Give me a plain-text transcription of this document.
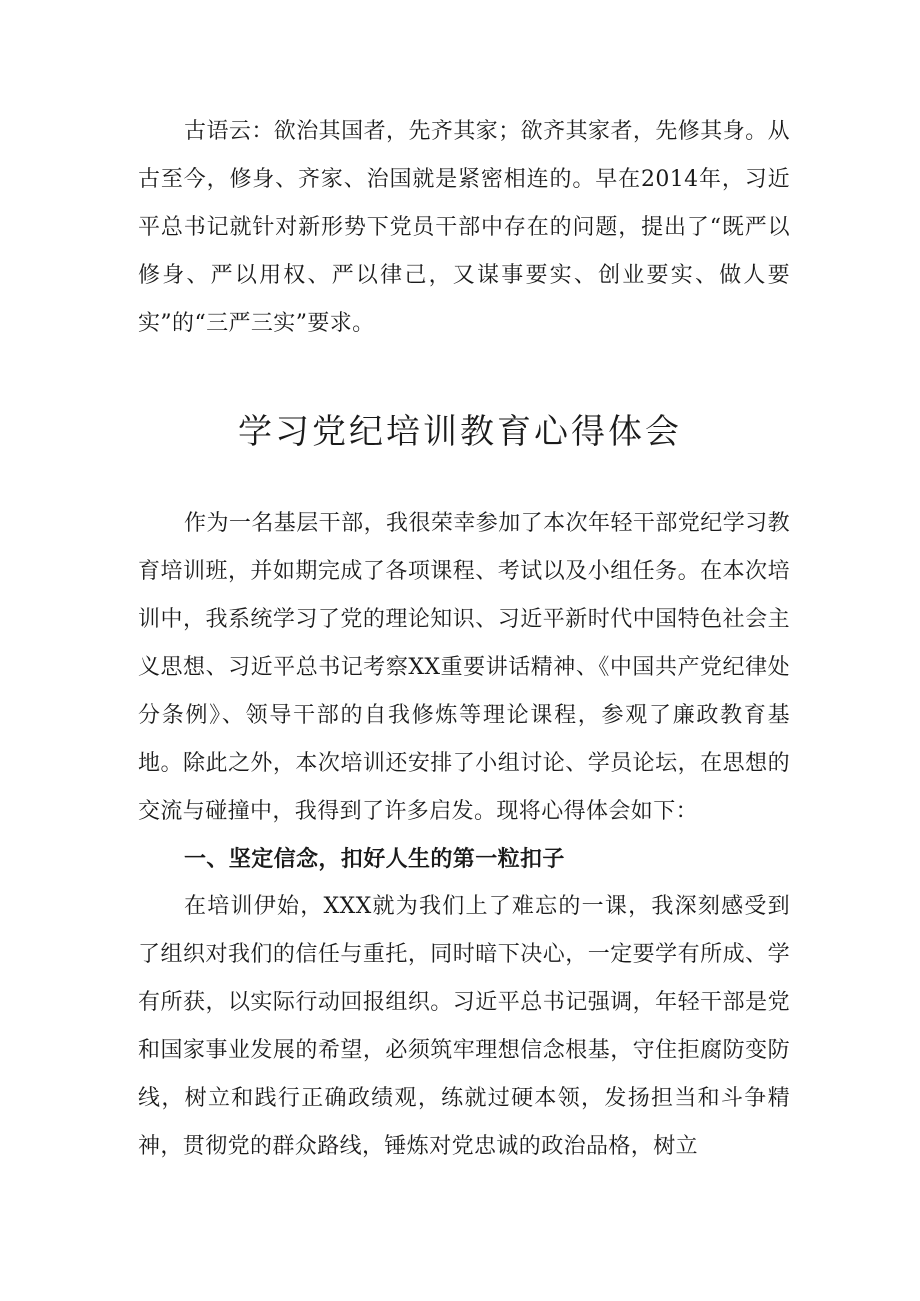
古语云：欲治其国者，先齐其家；欲齐其家者，先修其身。从古至今，修身、齐家、治国就是紧密相连的。早在2014年，习近平总书记就针对新形势下党员干部中存在的问题，提出了“既严以修身、严以用权、严以律己，又谋事要实、创业要实、做人要实”的“三严三实”要求。

学习党纪培训教育心得体会

作为一名基层干部，我很荣幸参加了本次年轻干部党纪学习教育培训班，并如期完成了各项课程、考试以及小组任务。在本次培训中，我系统学习了党的理论知识、习近平新时代中国特色社会主义思想、习近平总书记考察XX重要讲话精神、《中国共产党纪律处分条例》、领导干部的自我修炼等理论课程，参观了廉政教育基地。除此之外，本次培训还安排了小组讨论、学员论坛，在思想的交流与碰撞中，我得到了许多启发。现将心得体会如下：

一、坚定信念，扣好人生的第一粒扣子

在培训伊始，XXX就为我们上了难忘的一课，我深刻感受到了组织对我们的信任与重托，同时暗下决心，一定要学有所成、学有所获，以实际行动回报组织。习近平总书记强调，年轻干部是党和国家事业发展的希望，必须筑牢理想信念根基，守住拒腐防变防线，树立和践行正确政绩观，练就过硬本领，发扬担当和斗争精神，贯彻党的群众路线，锤炼对党忠诚的政治品格，树立
